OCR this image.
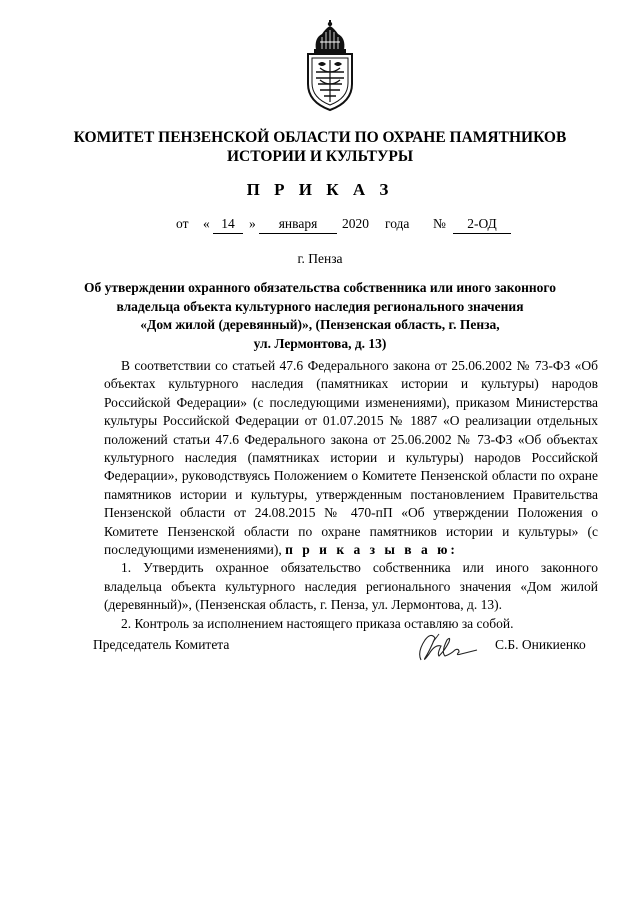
КОМИТЕТ ПЕНЗЕНСКОЙ ОБЛАСТИ ПО ОХРАНЕ ПАМЯТНИКОВ
ИСТОРИИ И КУЛЬТУРЫ
П Р И К А З
от « 14	»	января	2020 года №	2-ОД
г. Пенза
Об утверждении охранного обязательства собственника или иного законного
владельца объекта культурного наследия регионального значения
«Дом жилой (деревянный)», (Пензенская область, г. Пенза,
ул. Лермонтова, д. 13)

В соответствии со статьей 47.6 Федерального закона от 25.06.2002 № 73-ФЗ «Об объектах культурного наследия (памятниках истории и культуры) народов Российской Федерации» (с последующими изменениями), приказом Министерства культуры Российской Федерации от 01.07.2015 № 1887 «О реализации отдельных положений статьи 47.6 Федерального закона от 25.06.2002 № 73-ФЗ «Об объектах культурного наследия (памятниках истории и культуры) народов Российской Федерации», руководствуясь Положением о Комитете Пензенской области по охране памятников истории и культуры, утвержденным постановлением Правительства Пензенской области от 24.08.2015 № 470-пП «Об утверждении Положения о Комитете Пензенской области по охране памятников истории и культуры» (с последующими изменениями), п р и к а з ы в а ю:

1. Утвердить охранное обязательство собственника или иного законного владельца объекта культурного наследия регионального значения «Дом жилой (деревянный)», (Пензенская область, г. Пенза, ул. Лермонтова, д. 13).

2. Контроль за исполнением настоящего приказа оставляю за собой.

Председатель Комитета	С.Б. Оникиенко
